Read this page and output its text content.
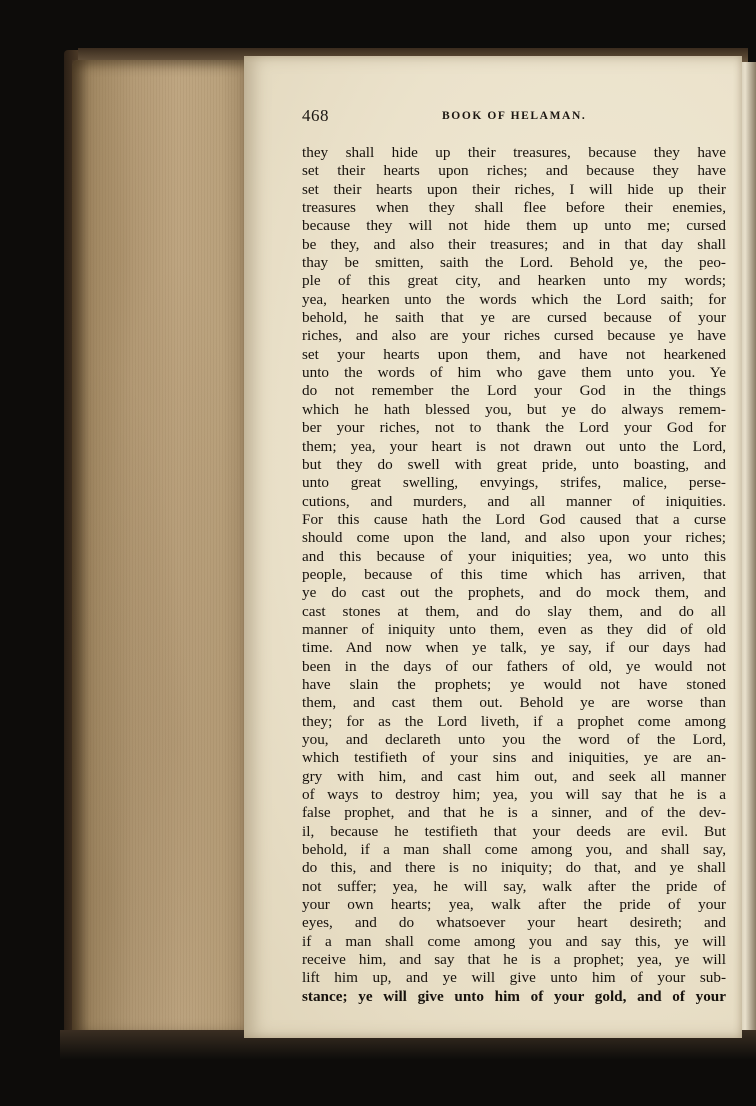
468	BOOK OF HELAMAN.
they shall hide up their treasures, because they have
set their hearts upon riches; and because they have
set their hearts upon their riches, I will hide up their
treasures when they shall flee before their enemies,
because they will not hide them up unto me; cursed
be they, and also their treasures; and in that day shall
thay be smitten, saith the Lord. Behold ye, the peo-
ple of this great city, and hearken unto my words;
yea, hearken unto the words which the Lord saith; for
behold, he saith that ye are cursed because of your
riches, and also are your riches cursed because ye have
set your hearts upon them, and have not hearkened
unto the words of him who gave them unto you. Ye
do not remember the Lord your God in the things
which he hath blessed you, but ye do always remem-
ber your riches, not to thank the Lord your God for
them; yea, your heart is not drawn out unto the Lord,
but they do swell with great pride, unto boasting, and
unto great swelling, envyings, strifes, malice, perse-
cutions, and murders, and all manner of iniquities.
For this cause hath the Lord God caused that a curse
should come upon the land, and also upon your riches;
and this because of your iniquities; yea, wo unto this
people, because of this time which has arriven, that
ye do cast out the prophets, and do mock them, and
cast stones at them, and do slay them, and do all
manner of iniquity unto them, even as they did of old
time. And now when ye talk, ye say, if our days had
been in the days of our fathers of old, ye would not
have slain the prophets; ye would not have stoned
them, and cast them out. Behold ye are worse than
they; for as the Lord liveth, if a prophet come among
you, and declareth unto you the word of the Lord,
which testifieth of your sins and iniquities, ye are an-
gry with him, and cast him out, and seek all manner
of ways to destroy him; yea, you will say that he is a
false prophet, and that he is a sinner, and of the dev-
il, because he testifieth that your deeds are evil. But
behold, if a man shall come among you, and shall say,
do this, and there is no iniquity; do that, and ye shall
not suffer; yea, he will say, walk after the pride of
your own hearts; yea, walk after the pride of your
eyes, and do whatsoever your heart desireth; and
if a man shall come among you and say this, ye will
receive him, and say that he is a prophet; yea, ye will
lift him up, and ye will give unto him of your sub-
stance; ye will give unto him of your gold, and of your
